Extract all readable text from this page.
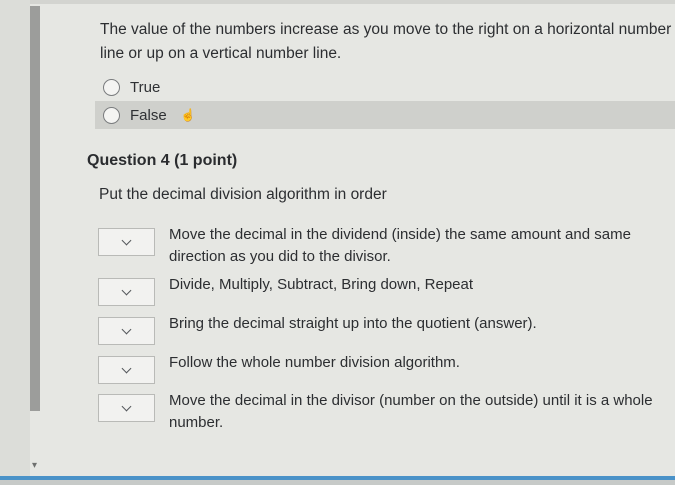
▾
The value of the numbers increase as you move to the right on a horizontal number line or up on a vertical number line.
True
False ☝
Question 4 (1 point)
Put the decimal division algorithm in order
Move the decimal in the dividend (inside) the same amount and same direction as you did to the divisor.
Divide, Multiply, Subtract, Bring down, Repeat
Bring the decimal straight up into the quotient (answer).
Follow the whole number division algorithm.
Move the decimal in the divisor (number on the outside) until it is a whole number.
